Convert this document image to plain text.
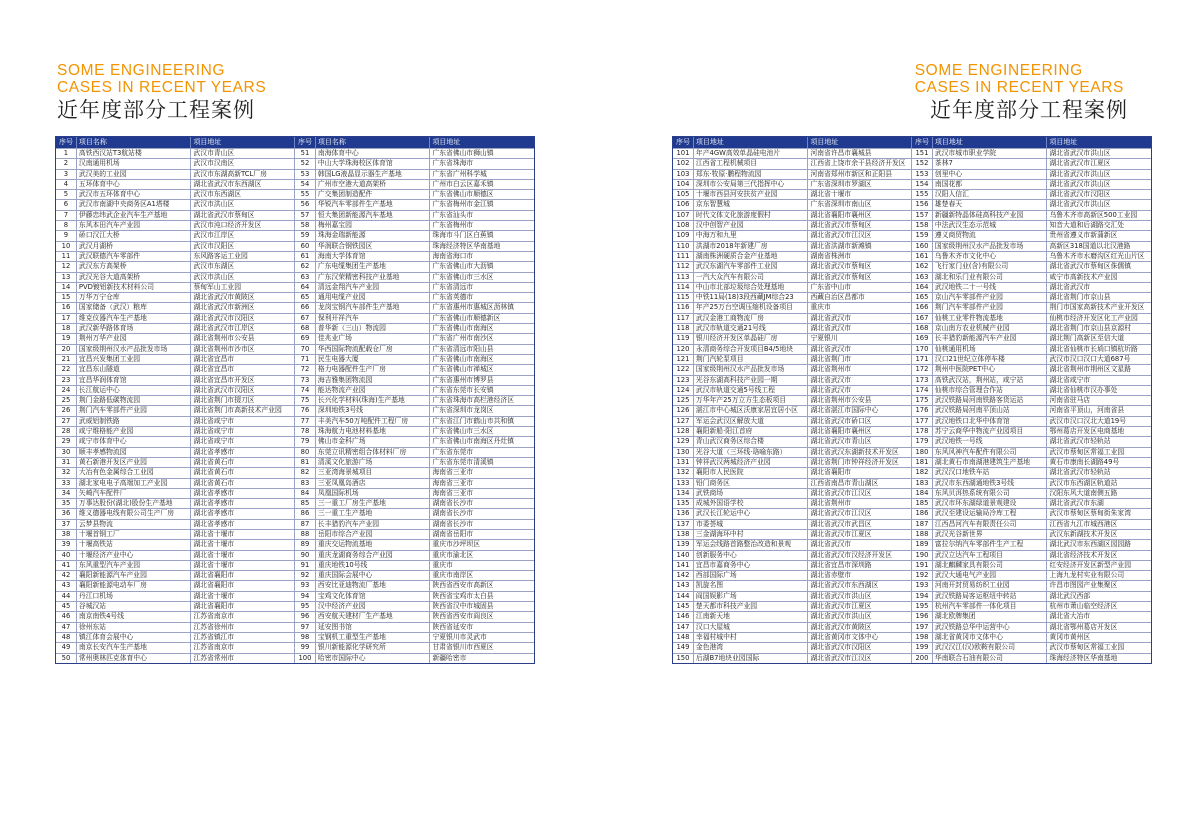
SOME ENGINEERING
CASES IN RECENT YEARS
近年度部分工程案例
序号 项目名称	项目地址	序号 项目名称	项目地址
1	高铁西汉站T3航站楼	武汉市青山区	51	南海体育中心	广东省佛山市狮山镇
2	汉南通用机场	武汉市汉南区	52	中山大学珠海校区体育馆	广东省珠海市
3	武汉美的工业园	武汉市东湖高新TCL厂房	53	韩国LG液晶显示器生产基地	广东省广州科学城
4	五环体育中心	湖北省武汉市东西湖区	54	广州市空港大道高架桥	广州市白云区嘉禾镇
5	武汉市五环体育中心	武汉市东西湖区	55	广交集团制造配件	广东省佛山市顺德区
6	武汉市南湖中央商务区A1塔楼	武汉市洪山区	56	华锐汽车零部件生产基地	广东省梅州市金江镇
7	伊藤忠纬武企业汽车生产基地	湖北省武汉市蔡甸区	57	恒大集团新能源汽车基地	广东省汕头市
8	东风本田汽车产业园	武汉市沌口经济开发区	58	梅州嘉宝园	广东省梅州市
9	硚口汉江大桥	武汉市江岸区	59	珠海金瑞新能源	珠海市斗门区白蕉镇
10	武汉月湖桥	武汉市汉阳区	60	华润联合钢铁园区	珠海经济特区华南基地
11	武汉联德汽车零部件	东风路客运工业园	61	海南大学体育馆	海南省海口市
12	武汉东方高架桥	武汉市东湖区	62	广东电缆集团生产基地	广东省佛山市大沥镇
13	武汉光谷大道高架桥	武汉市洪山区	63	广东汉荣精密科技产业基地	广东省佛山市三水区
14	PVD镀铝新技术材料公司	蔡甸军山工业园	64	清远金翔汽车产业园	广东省清远市
15	万华万宁仓库	湖北省武汉市黄陂区	65	通用电缆产业园	广东省英德市
16	国家储备（武汉）粮库	湖北省武汉市新洲区	66	龙岗宝钢汽车部件生产基地	广东省惠州市惠城区沥林镇
17	维克仪器汽车生产基地	湖北省武汉市汉阳区	67	保利开祥汽车	广东省佛山市顺德新区
18	武汉新华路体育场	湖北省武汉市江岸区	68	普华新（三山）物流园	广东省佛山市南海区
19	荆州万华产业园	湖北省荆州市公安县	69	佳兆业广场	广东省广州市南沙区
20	国家级荆州汉水产品批发市场	湖北省荆州市沙市区	70	华西国际物流配载仓厂房	广东省清远市阳山县
21	宜昌兴发集团工业园	湖北省宜昌市	71	民生电器大厦	广东省佛山市南海区
22	宜昌东山隧道	湖北省宜昌市	72	格力电器配件生产厂房	广东省佛山市禅城区
23	宜昌华润体育馆	湖北省宜昌市开发区	73	海吉雅集团物流园	广东省惠州市博罗县
24	长江航运中心	湖北省武汉市汉阳区	74	能达物流产业园	广东省东莞市长安镇
25	荆门金路低碳物流园	湖北省荆门市掇刀区	75	长兴化学材料(珠海)生产基地	广东省珠海市高栏港经济区
26	荆门汽车零部件产业园	湖北省荆门市高新技术产业园	76	深圳地铁3号线	广东省深圳市龙岗区
27	武威铝制铁路	湖北省咸宁市	77	丰美汽车50万吨配件工程厂房	广东省江门市鹤山市共和镇
28	咸宁维格能产业园	湖北省咸宁市	78	珠海航力电池材料基地	广东省佛山市三水区
29	咸宁市体育中心	湖北省咸宁市	79	佛山市金科广场	广东省佛山市南海区丹灶镇
30	顺丰孝感物流园	湖北省孝感市	80	东莞立讯精密组合体材料厂房	广东省东莞市
31	黄石新港开发区产业园	湖北省黄石市	81	清溪文化旅游广场	广东省东莞市清溪镇
32	大冶有色金属综合工业园	湖北省黄石市	82	三亚湾海景城项目	海南省三亚市
33	湖北家电电子高端加工产业园	湖北省黄石市	83	三亚凤凰岛酒店	海南省三亚市
34	矢崎汽车配件厂	湖北省孝感市	84	凤凰国际机场	海南省三亚市
35	万事达股份(湖北)股份生产基地	湖北省孝感市	85	三一重工厂房生产基地	湖南省长沙市
36	维义德器电线有限公司生产厂房	湖北省孝感市	86	三一重工生产基地	湖南省长沙市
37	云梦县物流	湖北省孝感市	87	长丰猎豹汽车产业园	湖南省长沙市
38	十堰首钢工厂	湖北省十堰市	88	岳阳市综合产业园	湖南省岳阳市
39	十堰高铁站	湖北省十堰市	89	重庆交运物流基地	重庆市沙坪坝区
40	十堰经济产业中心	湖北省十堰市	90	重庆龙湖商务综合产业园	重庆市渝北区
41	东风重型汽车产业园	湖北省十堰市	91	重庆地铁10号线	重庆市
42	襄阳新能源汽车产业园	湖北省襄阳市	92	重庆国际会展中心	重庆市南岸区
43	襄阳新能源电动车厂房	湖北省襄阳市	93	西安比亚迪物流厂基地	陕西省西安市高新区
44	丹江口机场	湖北省十堰市	94	宝鸡文化体育馆	陕西省宝鸡市太白县
45	谷城汉站	湖北省襄阳市	95	汉中经济产业园	陕西省汉中市城固县
46	南京南铁4号线	江苏省南京市	96	西安航天建材厂生产基地	陕西省西安市阎良区
47	徐州东站	江苏省徐州市	97	延安图书馆	陕西省延安市
48	镇江体育会展中心	江苏省镇江市	98	宝钢机工重型生产基地	宁夏银川市灵武市
49	南京长安汽车生产基地	江苏省南京市	99	银川新能源化学研究所	甘肃省银川市西夏区
50	常州奥林匹克体育中心	江苏省常州市	100 哈密市国际中心	新疆哈密市
SOME ENGINEERING
CASES IN RECENT YEARS
近年度部分工程案例
序号 项目地址	项目地址	序号 项目地址	项目地址
101 年产4GW高效单晶硅电池片	河南省许昌市襄城县	151 武汉市城市职业学院	湖北省武汉市洪山区
102 江西省工程机械项目	江西省上饶市余干县经济开发区	152 茶林7	湖北省武汉市江夏区
103 郑东·牧原·鹏程物流园	河南省郑州市新区和正阳县	153 创里中心	湖北省武汉市洪山区
104 深圳市公安局第三代指挥中心	广东省深圳市罗湖区	154 南国花都	湖北省武汉市洪山区
105 十堰市西县河安扶贫产业园	湖北省十堰市	155 汉阳人信汇	湖北省武汉市汉阳区
106 京东智慧城	广东省深圳市南山区	156 雄楚春天	湖北省武汉市洪山区
107 时代文体文化旅游度假村	湖北省襄阳市襄州区	157 新疆新特晶体硅高科技产业园	乌鲁木齐市高新区500工业园
108 汉中创智产业园	湖北省武汉市蔡甸区	158 中法武汉生态示范城	知音大道和后湖路交汇处
109 中海万和九里	湖北省武汉市江汉区	159 遵义商贸物流	贵州省遵义市新蒲新区
110 洪湖市2018年新建厂房	湖北省洪湖市新滩镇	160 国家级荆州汉水产品批发市场	高新区318国道以北汉港路
111 湖南株洲硬质合金产业基地	湖南省株洲市	161 乌鲁木齐市文化中心	乌鲁木齐市水磨沟区红光山片区
112 武汉东湖汽车零部件工业园	湖北省武汉市蔡甸区	162 飞行家门业(含)有限公司	湖北省武汉市蔡甸区侏儒镇
113 一汽大众汽车有限公司	湖北省武汉市蔡甸区	163 湖北和乐门业有限公司	咸宁市高新技术产业园
114 中山市北部垃圾综合处理基地	广东省中山市	164 武汉地铁二十一号线	湖北省武汉市
115 中铁11局(18)3段西藏JM综合23	西藏自治区昌都市	165 京山汽车零部件产业园	湖北省荆门市京山县
116 年产25万台空调压缩机设备项目	重庆市	166 荆门汽车零部件产业园	荆门市国家高新技术产业开发区
117 武汉金港工商物流厂房	湖北省武汉市	167 仙桃工业零件物流基地	仙桃市经济开发区化工产业园
118 武汉市轨道交通21号线	湖北省武汉市	168 京山南方农业机械产业园	湖北省荆门市京山县京源村
119 银川经济开发区单晶硅厂房	宁夏银川	169 长丰猎豹新能源汽车产业园	湖北荆门高新区至信大道
120 永清商务综合开发项目B4/5地块	湖北省武汉市	170 仙桃通用机场	湖北省仙桃市长埫口镇杭圻路
121 荆门汽轮泵项目	湖北省荆门市	171 汉口21世纪立体停车楼	武汉市汉口汉口大道687号
122 国家级荆州汉水产品批发市场	湖北省荆州市	172 荆州中医院PET中心	湖北省荆州市荆州区文星路
123 光谷东湖高科技产业园一期	湖北省武汉市	173 高铁武汉站，荆州站，咸宁站	湖北省咸宁市
124 武汉市轨道交通5号线工程	湖北省武汉市	174 仙桃市综合管理合作站	湖北省仙桃市汉办事处
125 万华年产25万立方生态板项目	湖北省荆州市公安县	175 武汉铁路局河南铁路客货运站	河南省驻马店
126 湛江市中心城区沃康家居宜居小区	湖北省湛江市国际中心	176 武汉铁路局河南平顶山站	河南省平顶山，河南省县
127 军运会武汉区解放大道	湖北省武汉市硚口区	177 武汉地铁口北华中体育馆	武汉市汉口汉北大道19号
128 襄阳新船·阳江首府	湖北省襄阳市襄州区	178 苏宁云商华中物流产业园项目	鄂州葛店开发区电商基地
129 青山武汉商务区综合楼	湖北省武汉市青山区	179 武汉地铁一号线	湖北省武汉市轻轨站
130 光谷大道（三环线·珞喻东路）	湖北省武汉东湖新技术开发区	180 东风风神汽车配件有限公司	武汉市蔡甸区常福工业园
131 钟祥武汉两城经济产业园	湖北省荆门市钟祥经济开发区	181 湖北黄石市南湖港建筑生产基地	黄石市康南长湖路49号
132 襄阳市人民医院	湖北省襄阳市	182 武汉汉口地铁车站	湖北省武汉市轻轨站
133 铅门商务区	江西省南昌市青山湖区	183 武汉市东西湖通地铁3号线	武汉市东西湖区轨道站
134 武铁商场	湖北省武汉市江汉区	184 东风贝洱热系统有限公司	汉阳东风大道南侧五路
135 成城外国语学校	湖北省荆州市	185 武汉市环东湖绿道景观建设	湖北省武汉市东湖
136 武汉长江轮运中心	湖北省武汉市江汉区	186 武汉至建设运输局冷库工程	武汉市蔡甸区蔡甸街朱家湾
137 市委荟城	湖北省武汉市武昌区	187 江西昌河汽车有限责任公司	江西省九江市城西港区
138 三金湖海环中村	湖北省武汉市江夏区	188 武汉光谷新世界	武汉东新湖技术开发区
139 军运会线路首路整治改造和景观	湖北省武汉市	189 富拉尔纳汽车零部件生产工程	湖北武汉市东西湖区园园路
140 创新服务中心	湖北省武汉市汉经济开发区	190 武汉立达汽车工程项目	湖北省经济技术开发区
141 宜昌市嘉商务中心	湖北省宜昌市深圳路	191 湖北麒麟家具有限公司	红安经济开发区新型产业园
142 西部国际广场	湖北省赤壁市	192 武汉大通电气产业园	上海九龙村实业有限公司
143 凯旋名图	湖北省武汉市东西湖区	193 河南开封贸易纺织工业园	许昌市图园产业集聚区
144 阎国娱影广场	湖北省武汉市洪山区	194 武汉铁路局客运枢纽中转站	湖北武汉西部
145 楚天都市科技产业园	湖北省武汉市江夏区	195 杭州汽车零部件一体化项目	杭州市萧山临空经济区
146 江南新天地	湖北省武汉市洪山区	196 湖北欧牌集团	湖北省大冶市
147 汉口大屋城	湖北省武汉市黄陂区	197 武汉铁路总华中运营中心	湖北省鄂州葛店开发区
148 幸福村城中村	湖北省黄冈市文体中心	198 湖北省黄冈市文体中心	黄冈市黄州区
149 金色港湾	湖北省武汉市汉阳区	199 武汉汉江(汉)欧鞍有限公司	武汉市蔡甸区常福工业园
150 后湖B7地块业园国际	湖北省武汉市江汉区	200 华南联合石油有限公司	珠海经济特区华南基地
